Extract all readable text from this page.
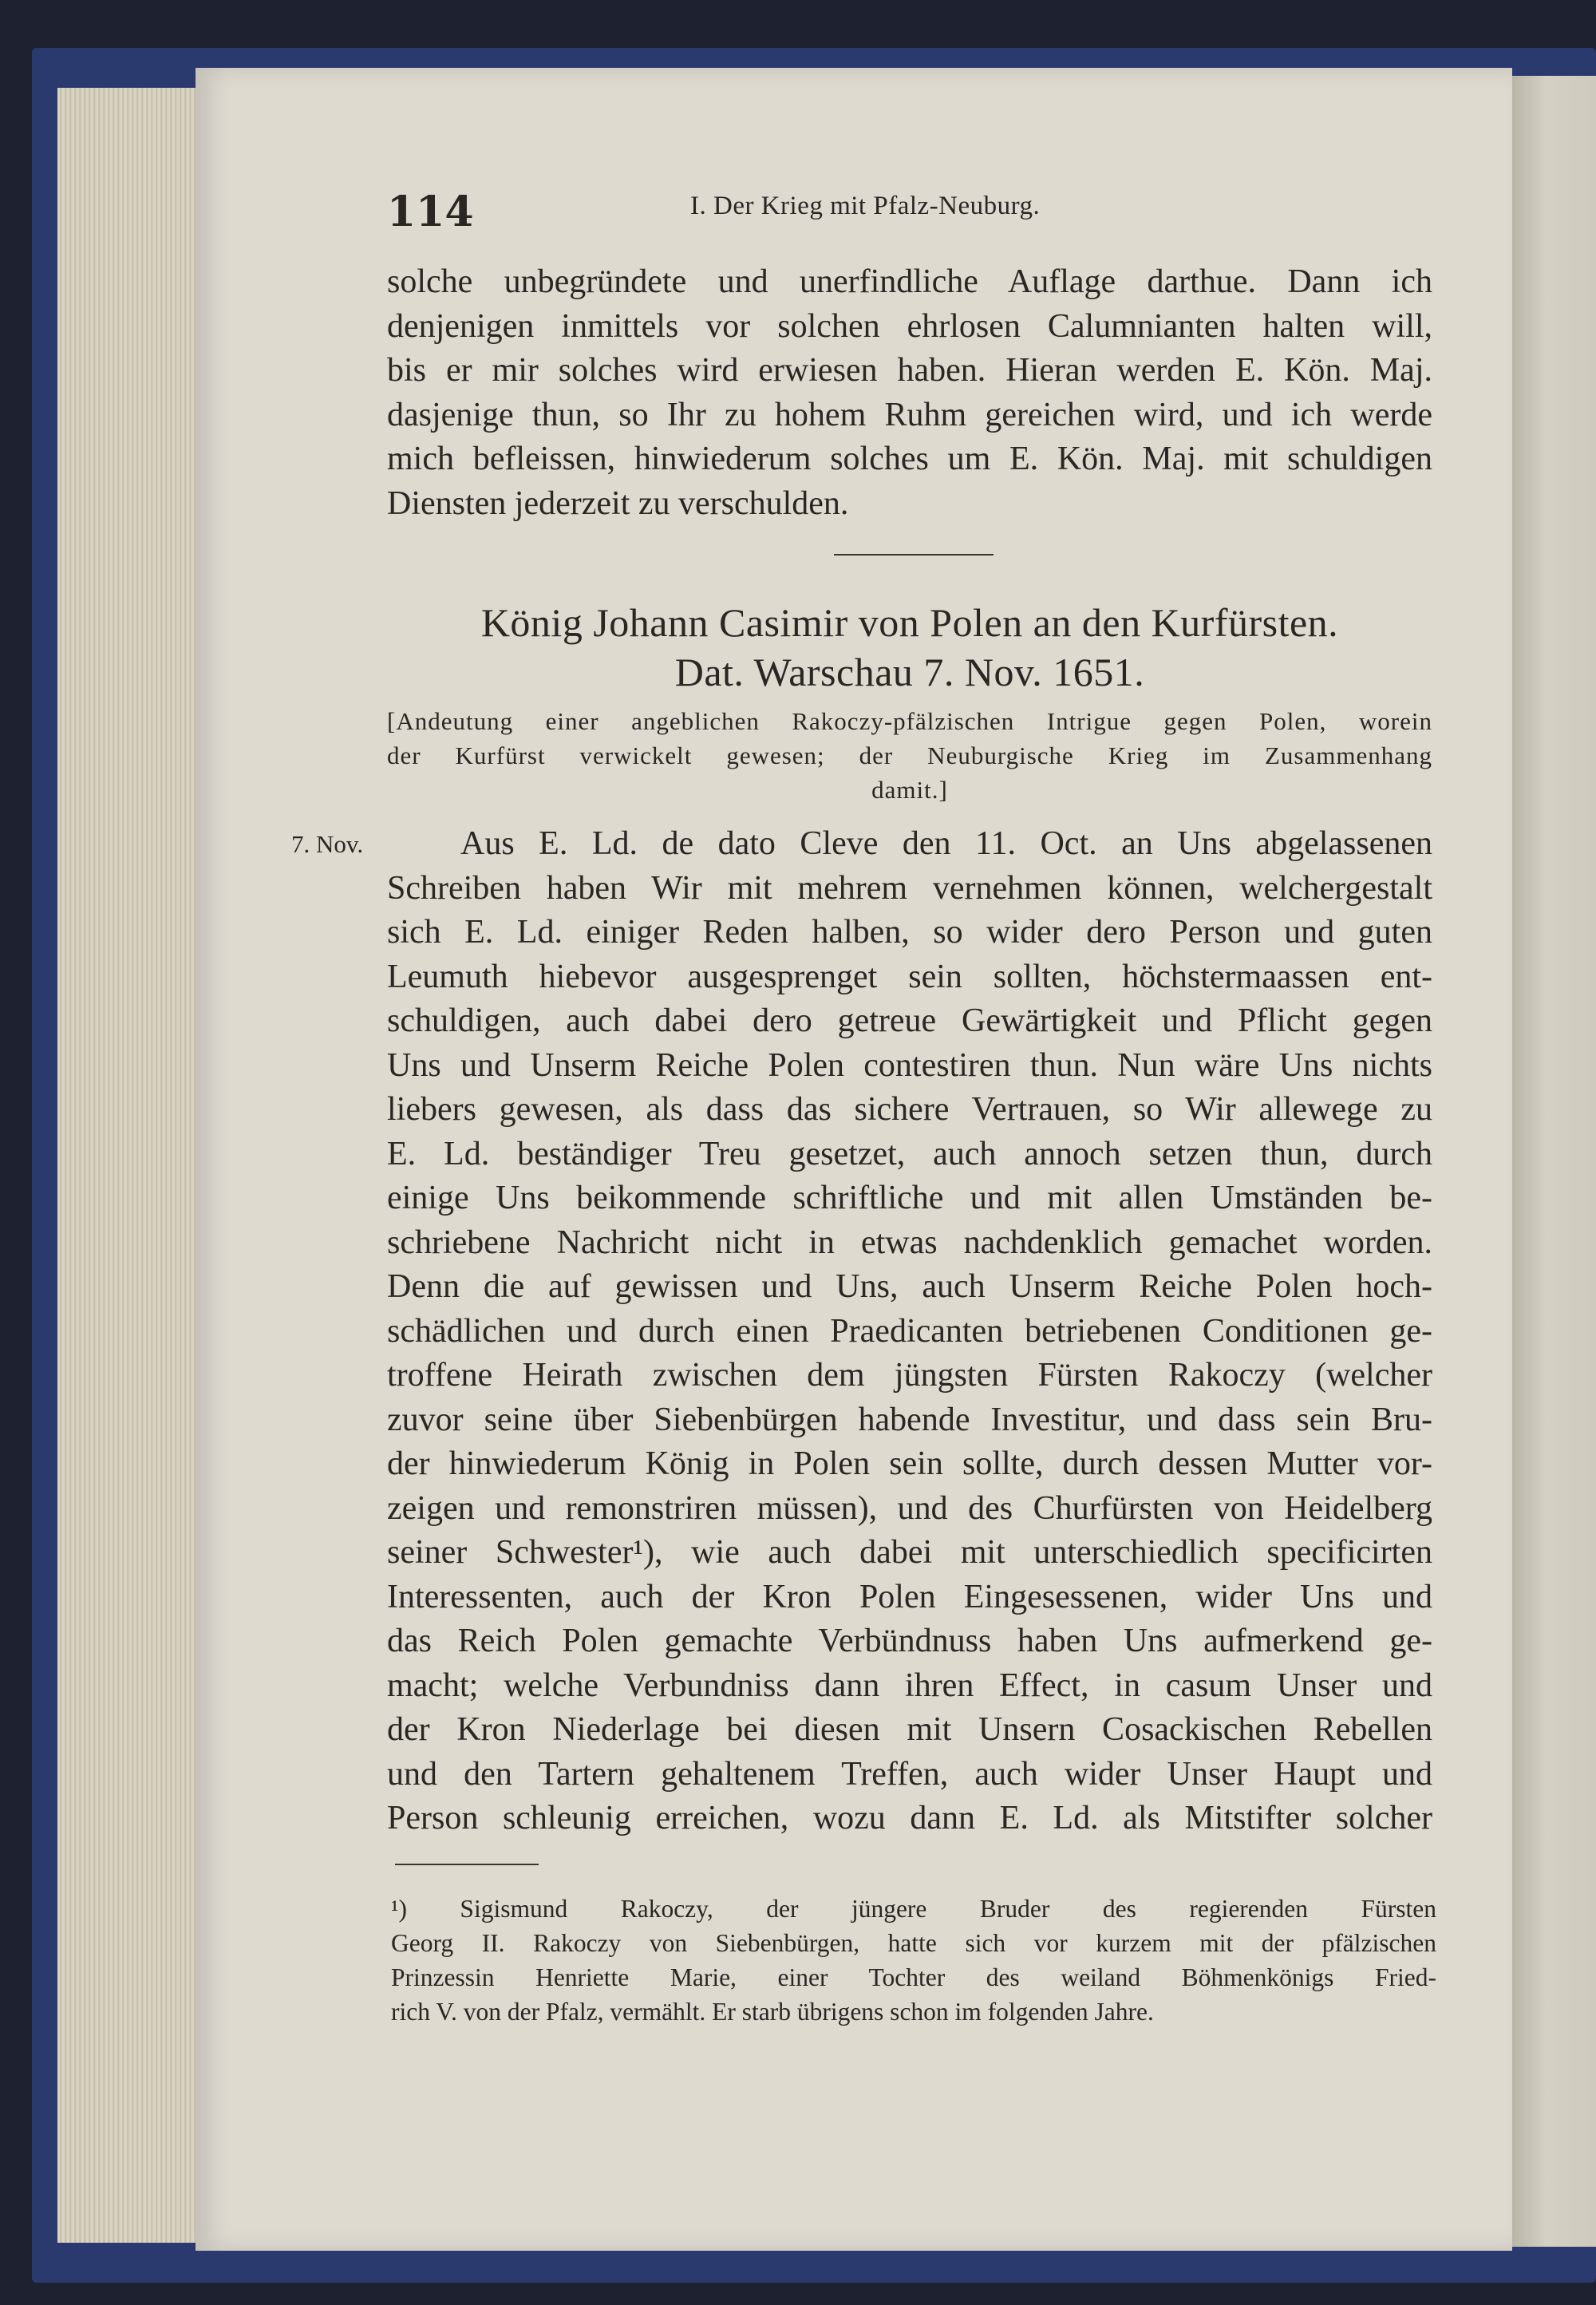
114	I. Der Krieg mit Pfalz-Neuburg.
solche unbegründete und unerfindliche Auflage darthue. Dann ich
denjenigen inmittels vor solchen ehrlosen Calumnianten halten will,
bis er mir solches wird erwiesen haben. Hieran werden E. Kön. Maj.
dasjenige thun, so Ihr zu hohem Ruhm gereichen wird, und ich werde
mich befleissen, hinwiederum solches um E. Kön. Maj. mit schuldigen
Diensten jederzeit zu verschulden.
König Johann Casimir von Polen an den Kurfürsten.
Dat. Warschau 7. Nov. 1651.
[Andeutung einer angeblichen Rakoczy-pfälzischen Intrigue gegen Polen, worein
der Kurfürst verwickelt gewesen; der Neuburgische Krieg im Zusammenhang
damit.]
7. Nov.	Aus E. Ld. de dato Cleve den 11. Oct. an Uns abgelassenen
Schreiben haben Wir mit mehrem vernehmen können, welchergestalt
sich E. Ld. einiger Reden halben, so wider dero Person und guten
Leumuth hiebevor ausgesprenget sein sollten, höchstermaassen ent-
schuldigen, auch dabei dero getreue Gewärtigkeit und Pflicht gegen
Uns und Unserm Reiche Polen contestiren thun. Nun wäre Uns nichts
liebers gewesen, als dass das sichere Vertrauen, so Wir allewege zu
E. Ld. beständiger Treu gesetzet, auch annoch setzen thun, durch
einige Uns beikommende schriftliche und mit allen Umständen be-
schriebene Nachricht nicht in etwas nachdenklich gemachet worden.
Denn die auf gewissen und Uns, auch Unserm Reiche Polen hoch-
schädlichen und durch einen Praedicanten betriebenen Conditionen ge-
troffene Heirath zwischen dem jüngsten Fürsten Rakoczy (welcher
zuvor seine über Siebenbürgen habende Investitur, und dass sein Bru-
der hinwiederum König in Polen sein sollte, durch dessen Mutter vor-
zeigen und remonstriren müssen), und des Churfürsten von Heidelberg
seiner Schwester¹), wie auch dabei mit unterschiedlich specificirten
Interessenten, auch der Kron Polen Eingesessenen, wider Uns und
das Reich Polen gemachte Verbündnuss haben Uns aufmerkend ge-
macht; welche Verbundniss dann ihren Effect, in casum Unser und
der Kron Niederlage bei diesen mit Unsern Cosackischen Rebellen
und den Tartern gehaltenem Treffen, auch wider Unser Haupt und
Person schleunig erreichen, wozu dann E. Ld. als Mitstifter solcher
¹) Sigismund Rakoczy, der jüngere Bruder des regierenden Fürsten
Georg II. Rakoczy von Siebenbürgen, hatte sich vor kurzem mit der pfälzischen
Prinzessin Henriette Marie, einer Tochter des weiland Böhmenkönigs Fried-
rich V. von der Pfalz, vermählt. Er starb übrigens schon im folgenden Jahre.
